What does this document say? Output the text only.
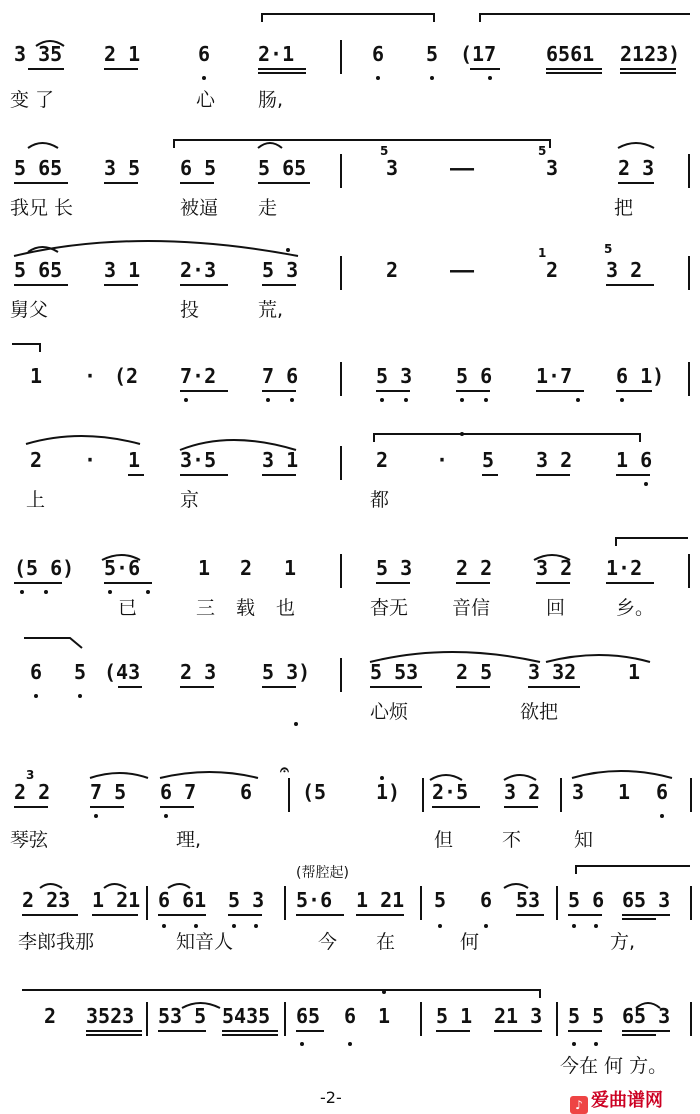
3 35 2 1	6 2·1	6 5 (17 6561 2123)
变 了	心 肠,
5 65 3 5 6 5 5 65	3	——	3	2 3
5	5
我兄 长	被逼 走	把
5 65 3 1 2·3 5 3	2	——	2 3 2
1	5
舅父	投	荒,
1 · (2 7·2 7 6	5 3 5 6 1·7 6 1)
2 · 1 3·5 3 1	2 · 5 3 2 1 6
上	京	都
(5 6) 5·6	1 2 1	5 3 2 2 3 2 1·2
已	三 载 也	杳无 音信	回	乡。
6 5 (43 2 3 5 3)	5 53 2 5 3 32	1
心烦	欲把
2 2 7 5 6 7 6 (5 1) 2·5 3 2 3 1 6
3	𝄐
琴弦	理,	但	不	知
(帮腔起)
2 23 1 21 6 61 5 3 5·6 1 21 5 6 53 5 6 65 3
李郎我那	知音人	今 在	何	方,
2 3523 53 5 5435 65 6 1 5 1 21 3 5 5 65 3
今在 何 方。
-2-	♪ 爱曲谱网
